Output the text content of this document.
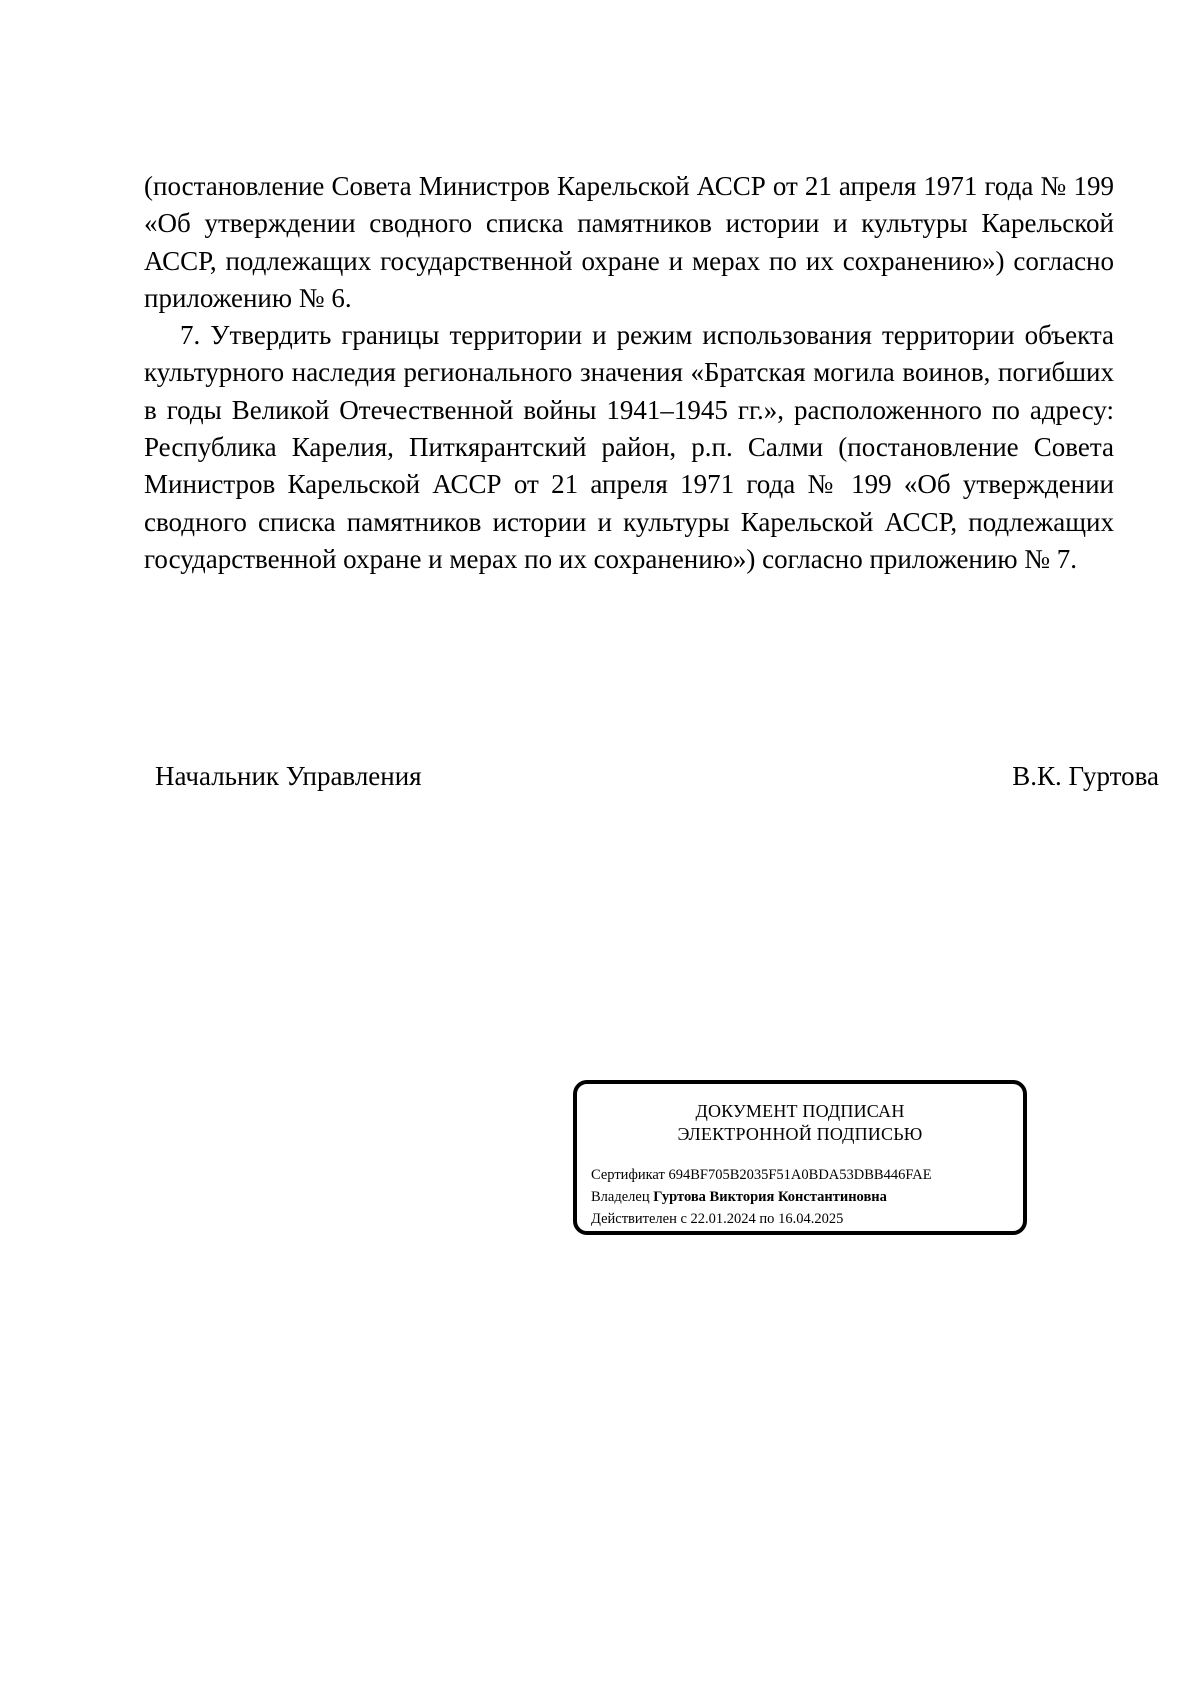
(постановление Совета Министров Карельской АССР от 21 апреля 1971 года № 199 «Об утверждении сводного списка памятников истории и культуры Карельской АССР, подлежащих государственной охране и мерах по их сохранению») согласно приложению № 6.

7. Утвердить границы территории и режим использования территории объекта культурного наследия регионального значения «Братская могила воинов, погибших в годы Великой Отечественной войны 1941–1945 гг.», расположенного по адресу: Республика Карелия, Питкярантский район, р.п. Салми (постановление Совета Министров Карельской АССР от 21 апреля 1971 года № 199 «Об утверждении сводного списка памятников истории и культуры Карельской АССР, подлежащих государственной охране и мерах по их сохранению») согласно приложению № 7.

Начальник Управления	В.К. Гуртова
ДОКУМЕНТ ПОДПИСАН
ЭЛЕКТРОННОЙ ПОДПИСЬЮ
Сертификат 694BF705B2035F51A0BDA53DBB446FAE
Владелец Гуртова Виктория Константиновна
Действителен с 22.01.2024 по 16.04.2025
